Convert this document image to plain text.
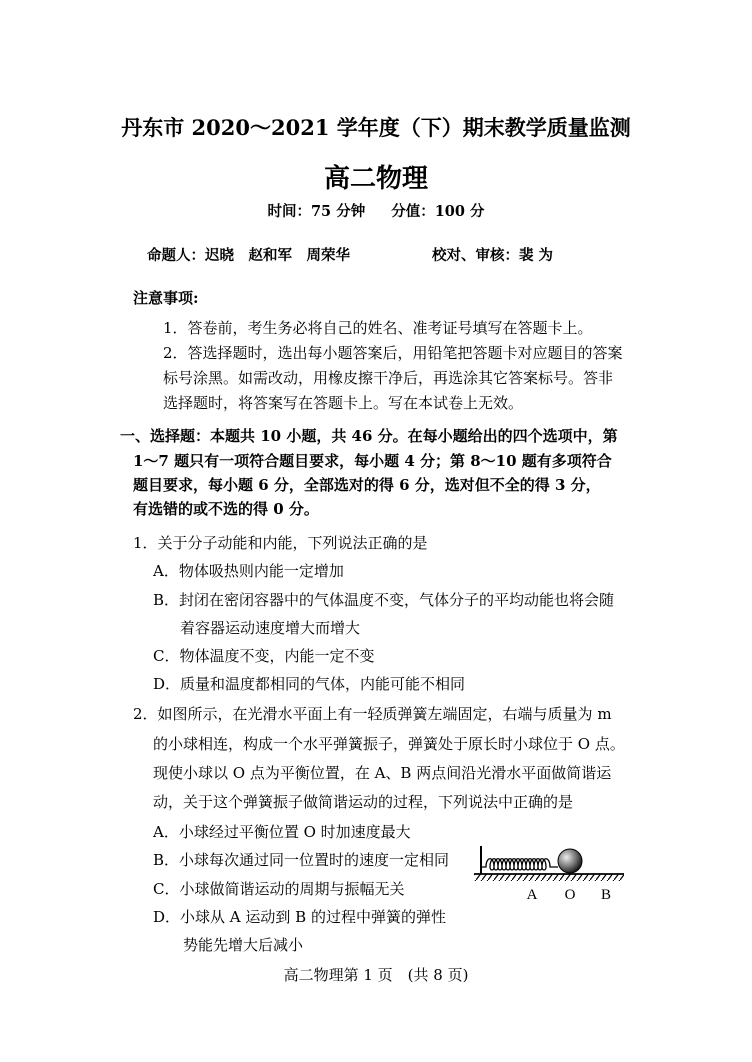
丹东市 2020～2021 学年度（下）期末教学质量监测
高二物理
时间：75 分钟 分值：100 分
命题人：迟晓　赵和军　周荣华	校对、审核：裴 为
注意事项:
1．答卷前，考生务必将自己的姓名、准考证号填写在答题卡上。
2．答选择题时，选出每小题答案后，用铅笔把答题卡对应题目的答案
标号涂黑。如需改动，用橡皮擦干净后，再选涂其它答案标号。答非
选择题时，将答案写在答题卡上。写在本试卷上无效。
一、选择题：本题共 10 小题，共 46 分。在每小题给出的四个选项中，第
1～7 题只有一项符合题目要求，每小题 4 分；第 8～10 题有多项符合
题目要求，每小题 6 分，全部选对的得 6 分，选对但不全的得 3 分，
有选错的或不选的得 0 分。
1．关于分子动能和内能，下列说法正确的是
A．物体吸热则内能一定增加
B．封闭在密闭容器中的气体温度不变，气体分子的平均动能也将会随
着容器运动速度增大而增大
C．物体温度不变，内能一定不变
D．质量和温度都相同的气体，内能可能不相同
2．如图所示，在光滑水平面上有一轻质弹簧左端固定，右端与质量为 m
的小球相连，构成一个水平弹簧振子，弹簧处于原长时小球位于 O 点。
现使小球以 O 点为平衡位置，在 A、B 两点间沿光滑水平面做简谐运
动，关于这个弹簧振子做简谐运动的过程，下列说法中正确的是
A．小球经过平衡位置 O 时加速度最大
B．小球每次通过同一位置时的速度一定相同
C．小球做简谐运动的周期与振幅无关
D．小球从 A 运动到 B 的过程中弹簧的弹性
势能先增大后减小
A O B
高二物理第 1 页　(共 8 页)
